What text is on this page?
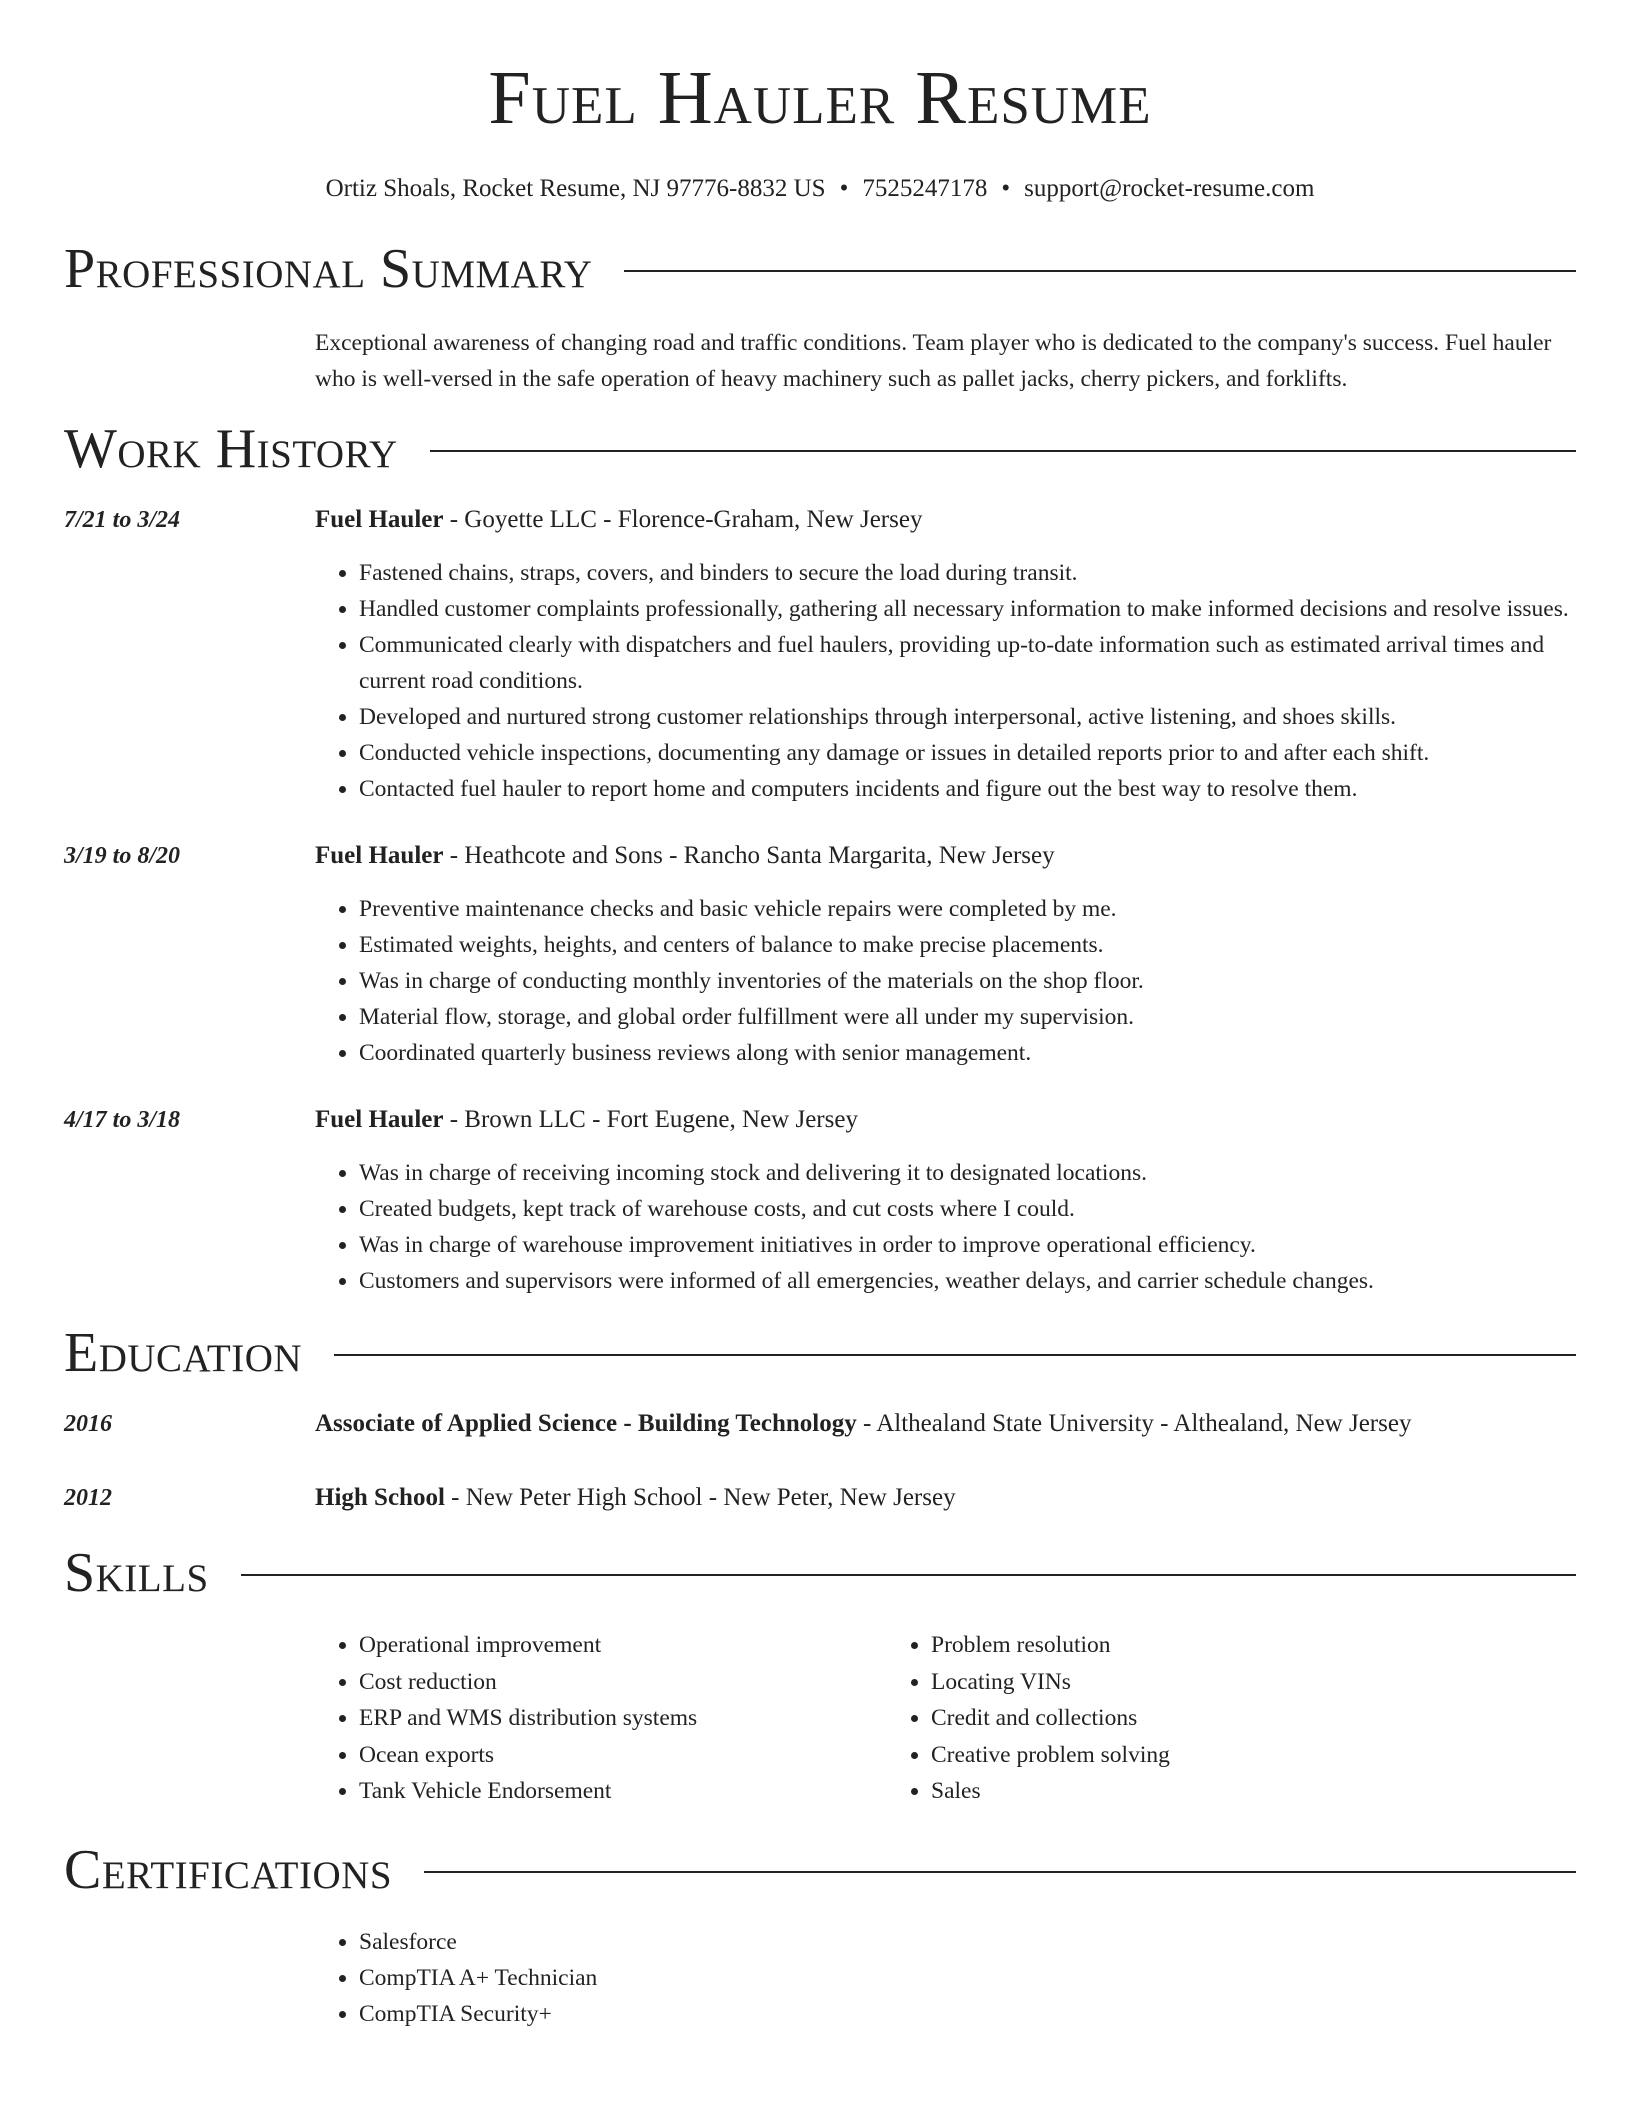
Fuel Hauler Resume
Ortiz Shoals, Rocket Resume, NJ 97776-8832 US • 7525247178 • support@rocket-resume.com
Professional Summary
Exceptional awareness of changing road and traffic conditions. Team player who is dedicated to the company's success. Fuel hauler who is well-versed in the safe operation of heavy machinery such as pallet jacks, cherry pickers, and forklifts.
Work History
7/21 to 3/24	Fuel Hauler - Goyette LLC - Florence-Graham, New Jersey
• Fastened chains, straps, covers, and binders to secure the load during transit.
• Handled customer complaints professionally, gathering all necessary information to make informed decisions and resolve issues.
• Communicated clearly with dispatchers and fuel haulers, providing up-to-date information such as estimated arrival times and current road conditions.
• Developed and nurtured strong customer relationships through interpersonal, active listening, and shoes skills.
• Conducted vehicle inspections, documenting any damage or issues in detailed reports prior to and after each shift.
• Contacted fuel hauler to report home and computers incidents and figure out the best way to resolve them.
3/19 to 8/20	Fuel Hauler - Heathcote and Sons - Rancho Santa Margarita, New Jersey
• Preventive maintenance checks and basic vehicle repairs were completed by me.
• Estimated weights, heights, and centers of balance to make precise placements.
• Was in charge of conducting monthly inventories of the materials on the shop floor.
• Material flow, storage, and global order fulfillment were all under my supervision.
• Coordinated quarterly business reviews along with senior management.
4/17 to 3/18	Fuel Hauler - Brown LLC - Fort Eugene, New Jersey
• Was in charge of receiving incoming stock and delivering it to designated locations.
• Created budgets, kept track of warehouse costs, and cut costs where I could.
• Was in charge of warehouse improvement initiatives in order to improve operational efficiency.
• Customers and supervisors were informed of all emergencies, weather delays, and carrier schedule changes.
Education
2016	Associate of Applied Science - Building Technology - Althealand State University - Althealand, New Jersey
2012	High School - New Peter High School - New Peter, New Jersey
Skills
• Operational improvement
• Cost reduction
• ERP and WMS distribution systems
• Ocean exports
• Tank Vehicle Endorsement
• Problem resolution
• Locating VINs
• Credit and collections
• Creative problem solving
• Sales
Certifications
• Salesforce
• CompTIA A+ Technician
• CompTIA Security+
